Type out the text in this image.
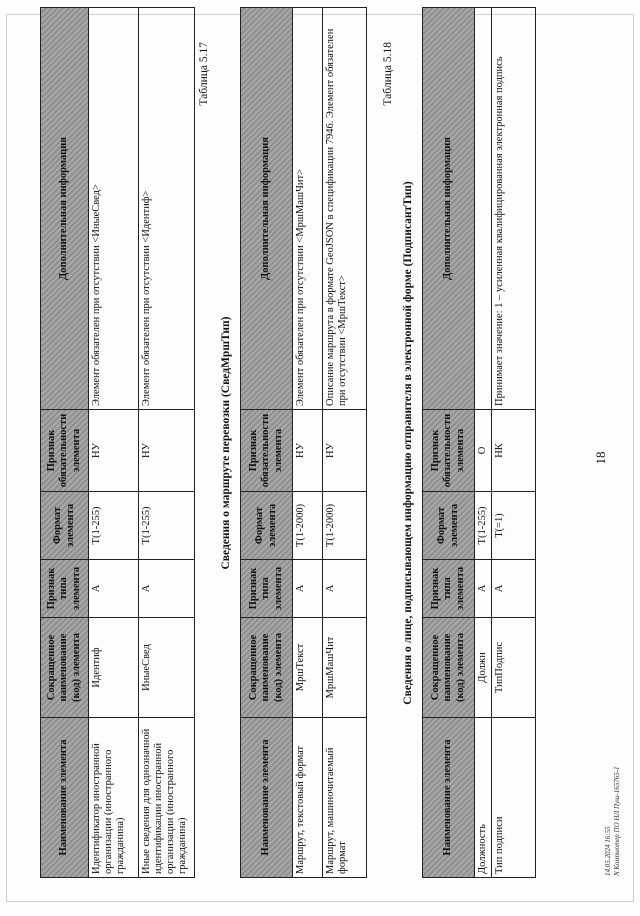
Наименование элемента	Сокращенное наименование (код) элемента	Признак типа элемента	Формат элемента	Признак обязательности элемента	Дополнительная информация
Идентификатор иностранной организации (иностранного гражданина)	Идентиф	А	T(1-255)	НУ	Элемент обязателен при отсутствии <ИныеСвед>
Иные сведения для однозначной идентификации иностранной организации (иностранного гражданина)	ИныеСвед	А	T(1-255)	НУ	Элемент обязателен при отсутствии <Идентиф>
Таблица 5.17
Сведения о маршруте перевозки (СведМршТип)
Наименование элемента	Сокращенное наименование (код) элемента	Признак типа элемента	Формат элемента	Признак обязательности элемента	Дополнительная информация
Маршрут, текстовый формат	МршТекст	А	T(1-2000)	НУ	Элемент обязателен при отсутствии <МршМашЧит>
Маршрут, машиночитаемый формат	МршМашЧит	А	T(1-2000)	НУ	Описание маршрута в формате GeoJSON в спецификации 7946. Элемент обязателен при отсутствии <МршТекст>
Таблица 5.18
Сведения о лице, подписывающем информацию отправителя в электронной форме (ПодписантТип)
Наименование элемента	Сокращенное наименование (код) элемента	Признак типа элемента	Формат элемента	Признак обязательности элемента	Дополнительная информация
Должность	Должн	А	T(1-255)	О	
Тип подписи	ТипПодпис	А	T(=1)	НК	Принимает значение: 1 – усиленная квалифицированная электронная подпись
18
14.05.2024 16:55 N Компьютер ПО НЛ Пуш-165765-1
